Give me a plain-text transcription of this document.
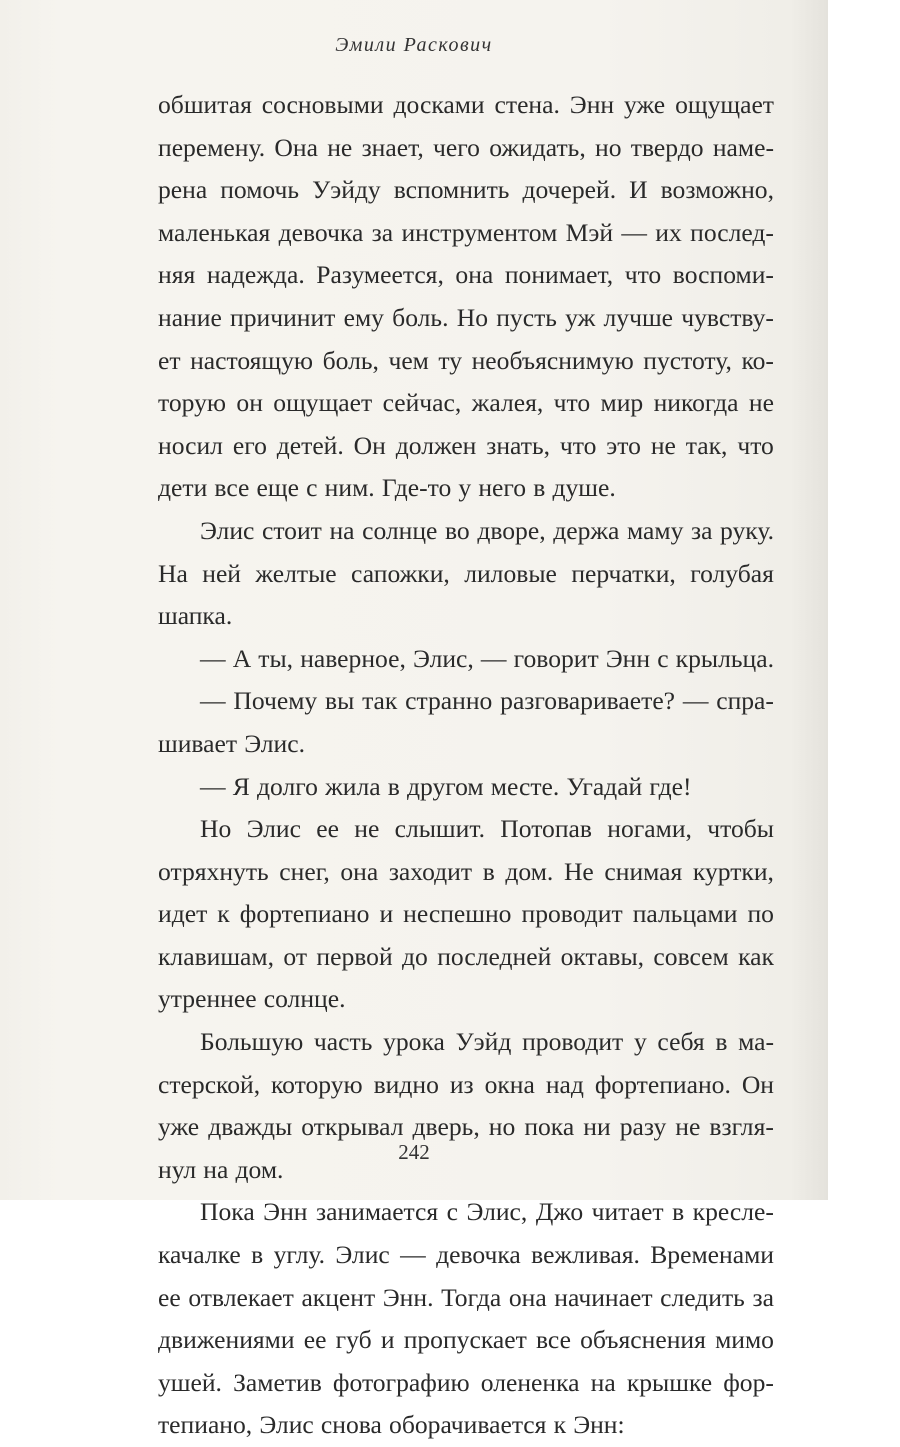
Эмили Раскович
обшитая сосновыми досками стена. Энн уже ощущает
перемену. Она не знает, чего ожидать, но твердо наме-
рена помочь Уэйду вспомнить дочерей. И возможно,
маленькая девочка за инструментом Мэй — их послед-
няя надежда. Разумеется, она понимает, что воспоми-
нание причинит ему боль. Но пусть уж лучше чувству-
ет настоящую боль, чем ту необъяснимую пустоту, ко-
торую он ощущает сейчас, жалея, что мир никогда не
носил его детей. Он должен знать, что это не так, что
дети все еще с ним. Где-то у него в душе.
Элис стоит на солнце во дворе, держа маму за руку.
На ней желтые сапожки, лиловые перчатки, голубая
шапка.
— А ты, наверное, Элис, — говорит Энн с крыльца.
— Почему вы так странно разговариваете? — спра-
шивает Элис.
— Я долго жила в другом месте. Угадай где!
Но Элис ее не слышит. Потопав ногами, чтобы
отряхнуть снег, она заходит в дом. Не снимая куртки,
идет к фортепиано и неспешно проводит пальцами по
клавишам, от первой до последней октавы, совсем как
утреннее солнце.
Большую часть урока Уэйд проводит у себя в ма-
стерской, которую видно из окна над фортепиано. Он
уже дважды открывал дверь, но пока ни разу не взгля-
нул на дом.
Пока Энн занимается с Элис, Джо читает в кресле-
качалке в углу. Элис — девочка вежливая. Временами
ее отвлекает акцент Энн. Тогда она начинает следить за
движениями ее губ и пропускает все объяснения мимо
ушей. Заметив фотографию олененка на крышке фор-
тепиано, Элис снова оборачивается к Энн:
242
